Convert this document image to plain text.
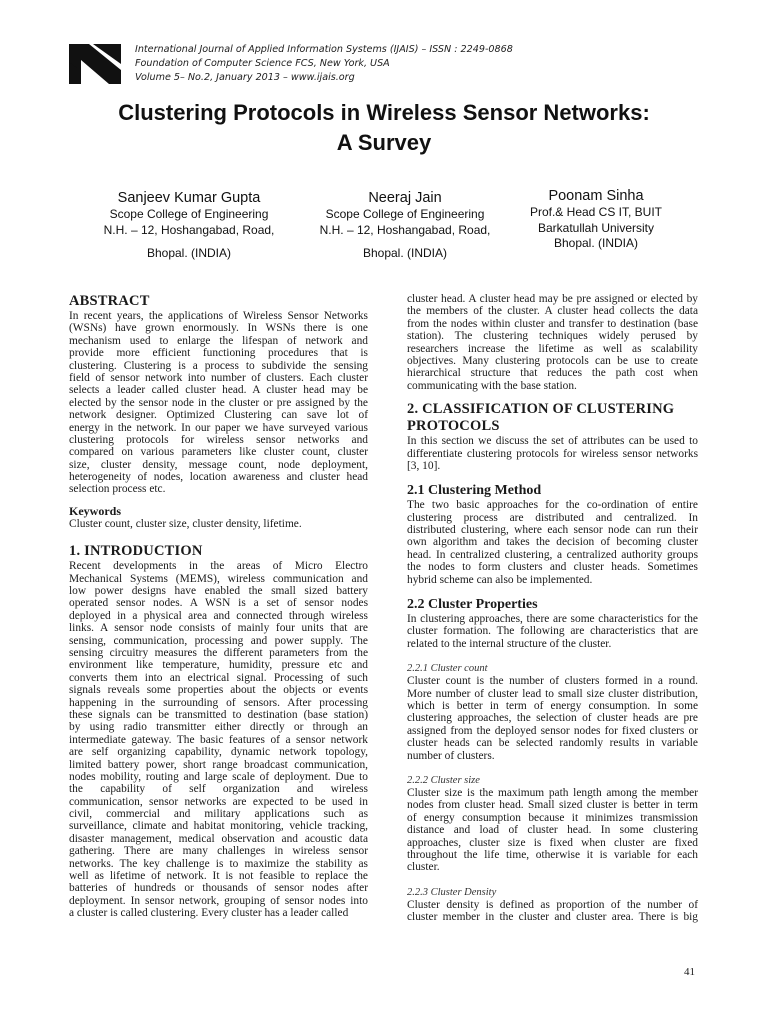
International Journal of Applied Information Systems (IJAIS) – ISSN : 2249-0868
Foundation of Computer Science FCS, New York, USA
Volume 5– No.2, January 2013 – www.ijais.org
Clustering Protocols in Wireless Sensor Networks:
A Survey
Sanjeev Kumar Gupta
Scope College of Engineering
N.H. – 12, Hoshangabad, Road,
Bhopal. (INDIA)
Neeraj Jain
Scope College of Engineering
N.H. – 12, Hoshangabad, Road,
Bhopal. (INDIA)
Poonam Sinha
Prof.& Head CS IT, BUIT
Barkatullah University
Bhopal. (INDIA)
ABSTRACT
In recent years, the applications of Wireless Sensor Networks
(WSNs) have grown enormously. In WSNs there is one
mechanism used to enlarge the lifespan of network and
provide more efficient functioning procedures that is
clustering. Clustering is a process to subdivide the sensing
field of sensor network into number of clusters. Each cluster
selects a leader called cluster head. A cluster head may be
elected by the sensor node in the cluster or pre assigned by the
network designer. Optimized Clustering can save lot of
energy in the network. In our paper we have surveyed various
clustering protocols for wireless sensor networks and
compared on various parameters like cluster count, cluster
size, cluster density, message count, node deployment,
heterogeneity of nodes, location awareness and cluster head
selection process etc.
Keywords
Cluster count, cluster size, cluster density, lifetime.
1. INTRODUCTION
Recent developments in the areas of Micro Electro
Mechanical Systems (MEMS), wireless communication and
low power designs have enabled the small sized battery
operated sensor nodes. A WSN is a set of sensor nodes
deployed in a physical area and connected through wireless
links. A sensor node consists of mainly four units that are
sensing, communication, processing and power supply. The
sensing circuitry measures the different parameters from the
environment like temperature, humidity, pressure etc and
converts them into an electrical signal. Processing of such
signals reveals some properties about the objects or events
happening in the surrounding of sensors. After processing
these signals can be transmitted to destination (base station)
by using radio transmitter either directly or through an
intermediate gateway. The basic features of a sensor network
are self organizing capability, dynamic network topology,
limited battery power, short range broadcast communication,
nodes mobility, routing and large scale of deployment. Due to
the capability of self organization and wireless
communication, sensor networks are expected to be used in
civil, commercial and military applications such as
surveillance, climate and habitat monitoring, vehicle tracking,
disaster management, medical observation and acoustic data
gathering. There are many challenges in wireless sensor
networks. The key challenge is to maximize the stability as
well as lifetime of network. It is not feasible to replace the
batteries of hundreds or thousands of sensor nodes after
deployment. In sensor network, grouping of sensor nodes into
a cluster is called clustering. Every cluster has a leader called
cluster head. A cluster head may be pre assigned or elected by
the members of the cluster. A cluster head collects the data
from the nodes within cluster and transfer to destination (base
station). The clustering techniques widely perused by
researchers increase the lifetime as well as scalability
objectives. Many clustering protocols can be use to create
hierarchical structure that reduces the path cost when
communicating with the base station.
2. CLASSIFICATION OF CLUSTERING
PROTOCOLS
In this section we discuss the set of attributes can be used to
differentiate clustering protocols for wireless sensor networks
[3, 10].
2.1 Clustering Method
The two basic approaches for the co-ordination of entire
clustering process are distributed and centralized. In
distributed clustering, where each sensor node can run their
own algorithm and takes the decision of becoming cluster
head. In centralized clustering, a centralized authority groups
the nodes to form clusters and cluster heads. Sometimes
hybrid scheme can also be implemented.
2.2 Cluster Properties
In clustering approaches, there are some characteristics for the
cluster formation. The following are characteristics that are
related to the internal structure of the cluster.
2.2.1 Cluster count
Cluster count is the number of clusters formed in a round.
More number of cluster lead to small size cluster distribution,
which is better in term of energy consumption. In some
clustering approaches, the selection of cluster heads are pre
assigned from the deployed sensor nodes for fixed clusters or
cluster heads can be selected randomly results in variable
number of clusters.
2.2.2 Cluster size
Cluster size is the maximum path length among the member
nodes from cluster head. Small sized cluster is better in term
of energy consumption because it minimizes transmission
distance and load of cluster head. In some clustering
approaches, cluster size is fixed when cluster are fixed
throughout the life time, otherwise it is variable for each
cluster.
2.2.3 Cluster Density
Cluster density is defined as proportion of the number of
cluster member in the cluster and cluster area. There is big
41
